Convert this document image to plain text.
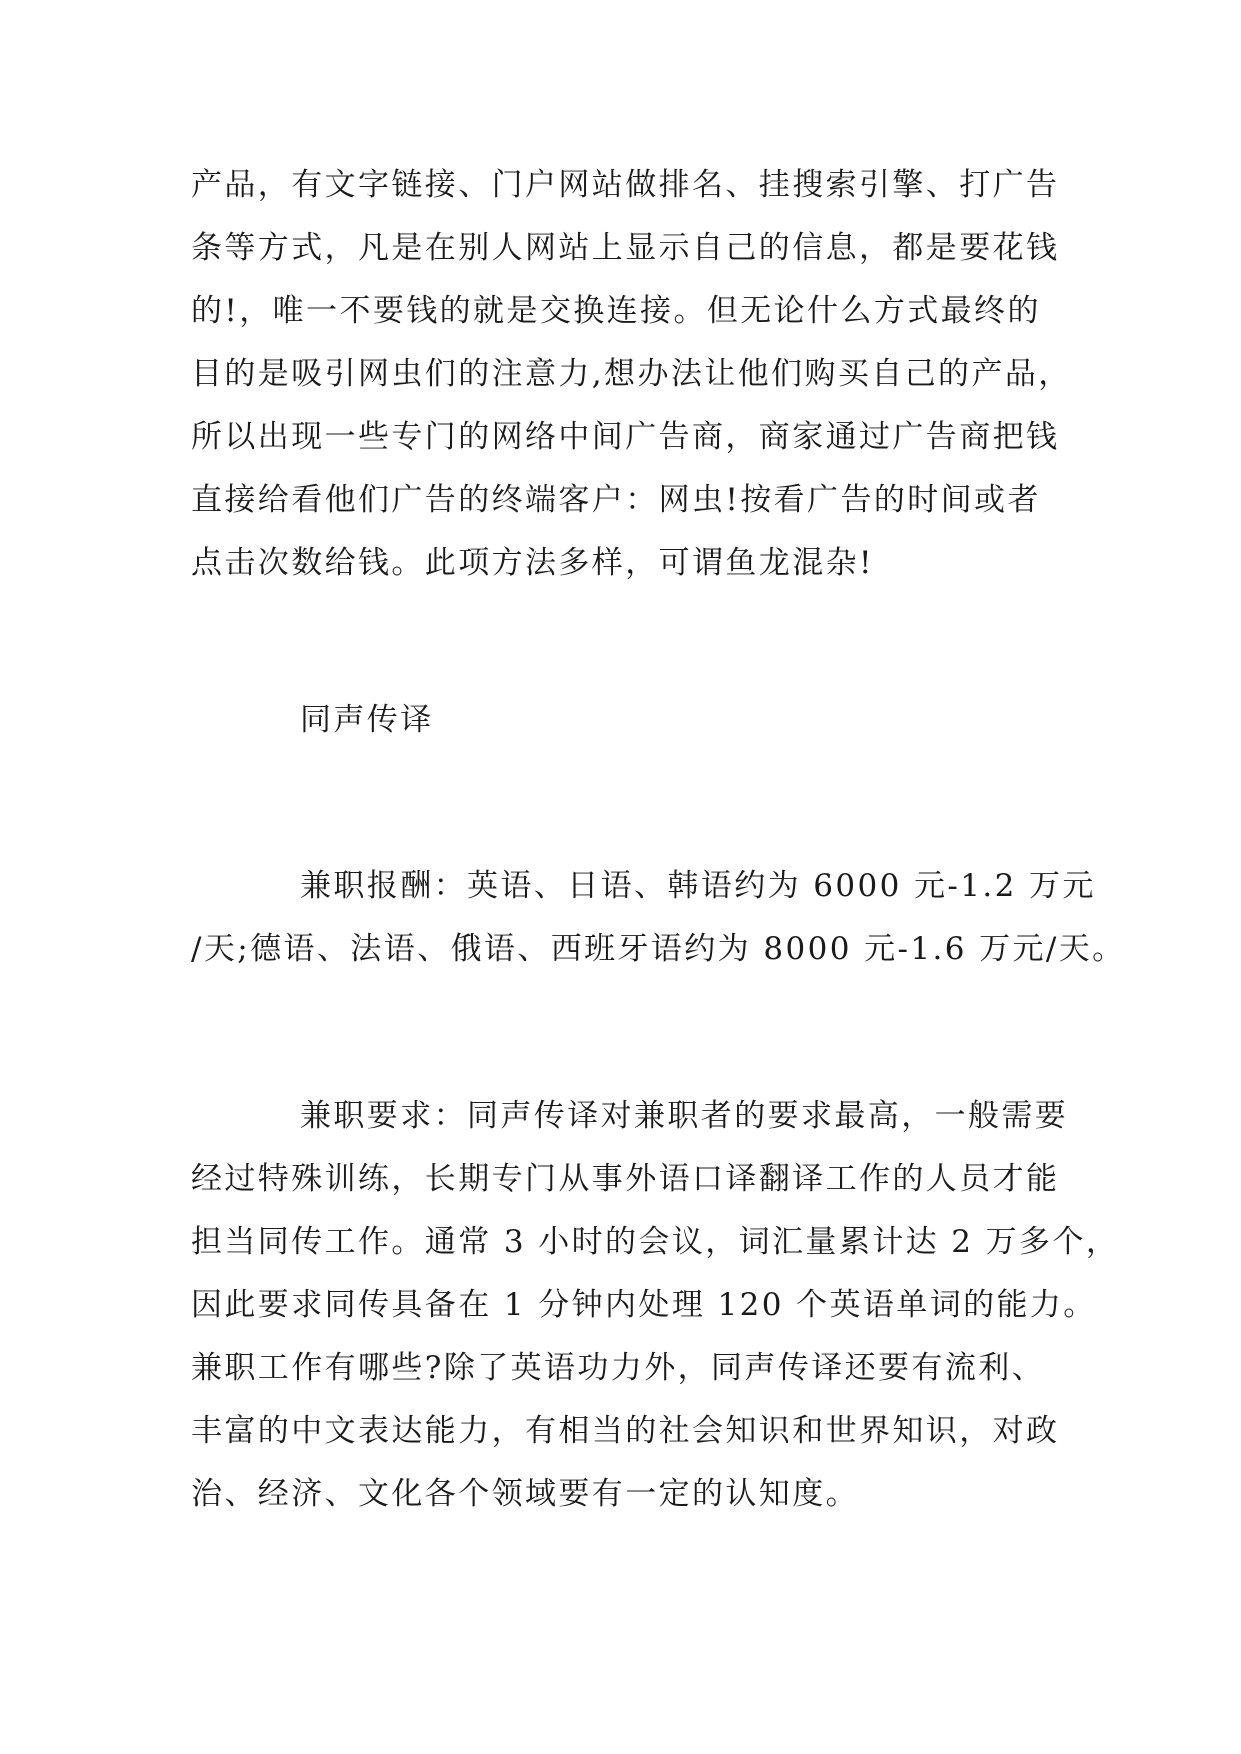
产品，有文字链接、门户网站做排名、挂搜索引擎、打广告

条等方式，凡是在别人网站上显示自己的信息，都是要花钱

的!，唯一不要钱的就是交换连接。但无论什么方式最终的

目的是吸引网虫们的注意力,想办法让他们购买自己的产品，

所以出现一些专门的网络中间广告商，商家通过广告商把钱

直接给看他们广告的终端客户：网虫!按看广告的时间或者

点击次数给钱。此项方法多样，可谓鱼龙混杂!

同声传译

兼职报酬：英语、日语、韩语约为 6000 元-1.2 万元

/天;德语、法语、俄语、西班牙语约为 8000 元-1.6 万元/天。

兼职要求：同声传译对兼职者的要求最高，一般需要

经过特殊训练，长期专门从事外语口译翻译工作的人员才能

担当同传工作。通常 3 小时的会议，词汇量累计达 2 万多个，

因此要求同传具备在 1 分钟内处理 120 个英语单词的能力。

兼职工作有哪些?除了英语功力外，同声传译还要有流利、

丰富的中文表达能力，有相当的社会知识和世界知识，对政

治、经济、文化各个领域要有一定的认知度。
